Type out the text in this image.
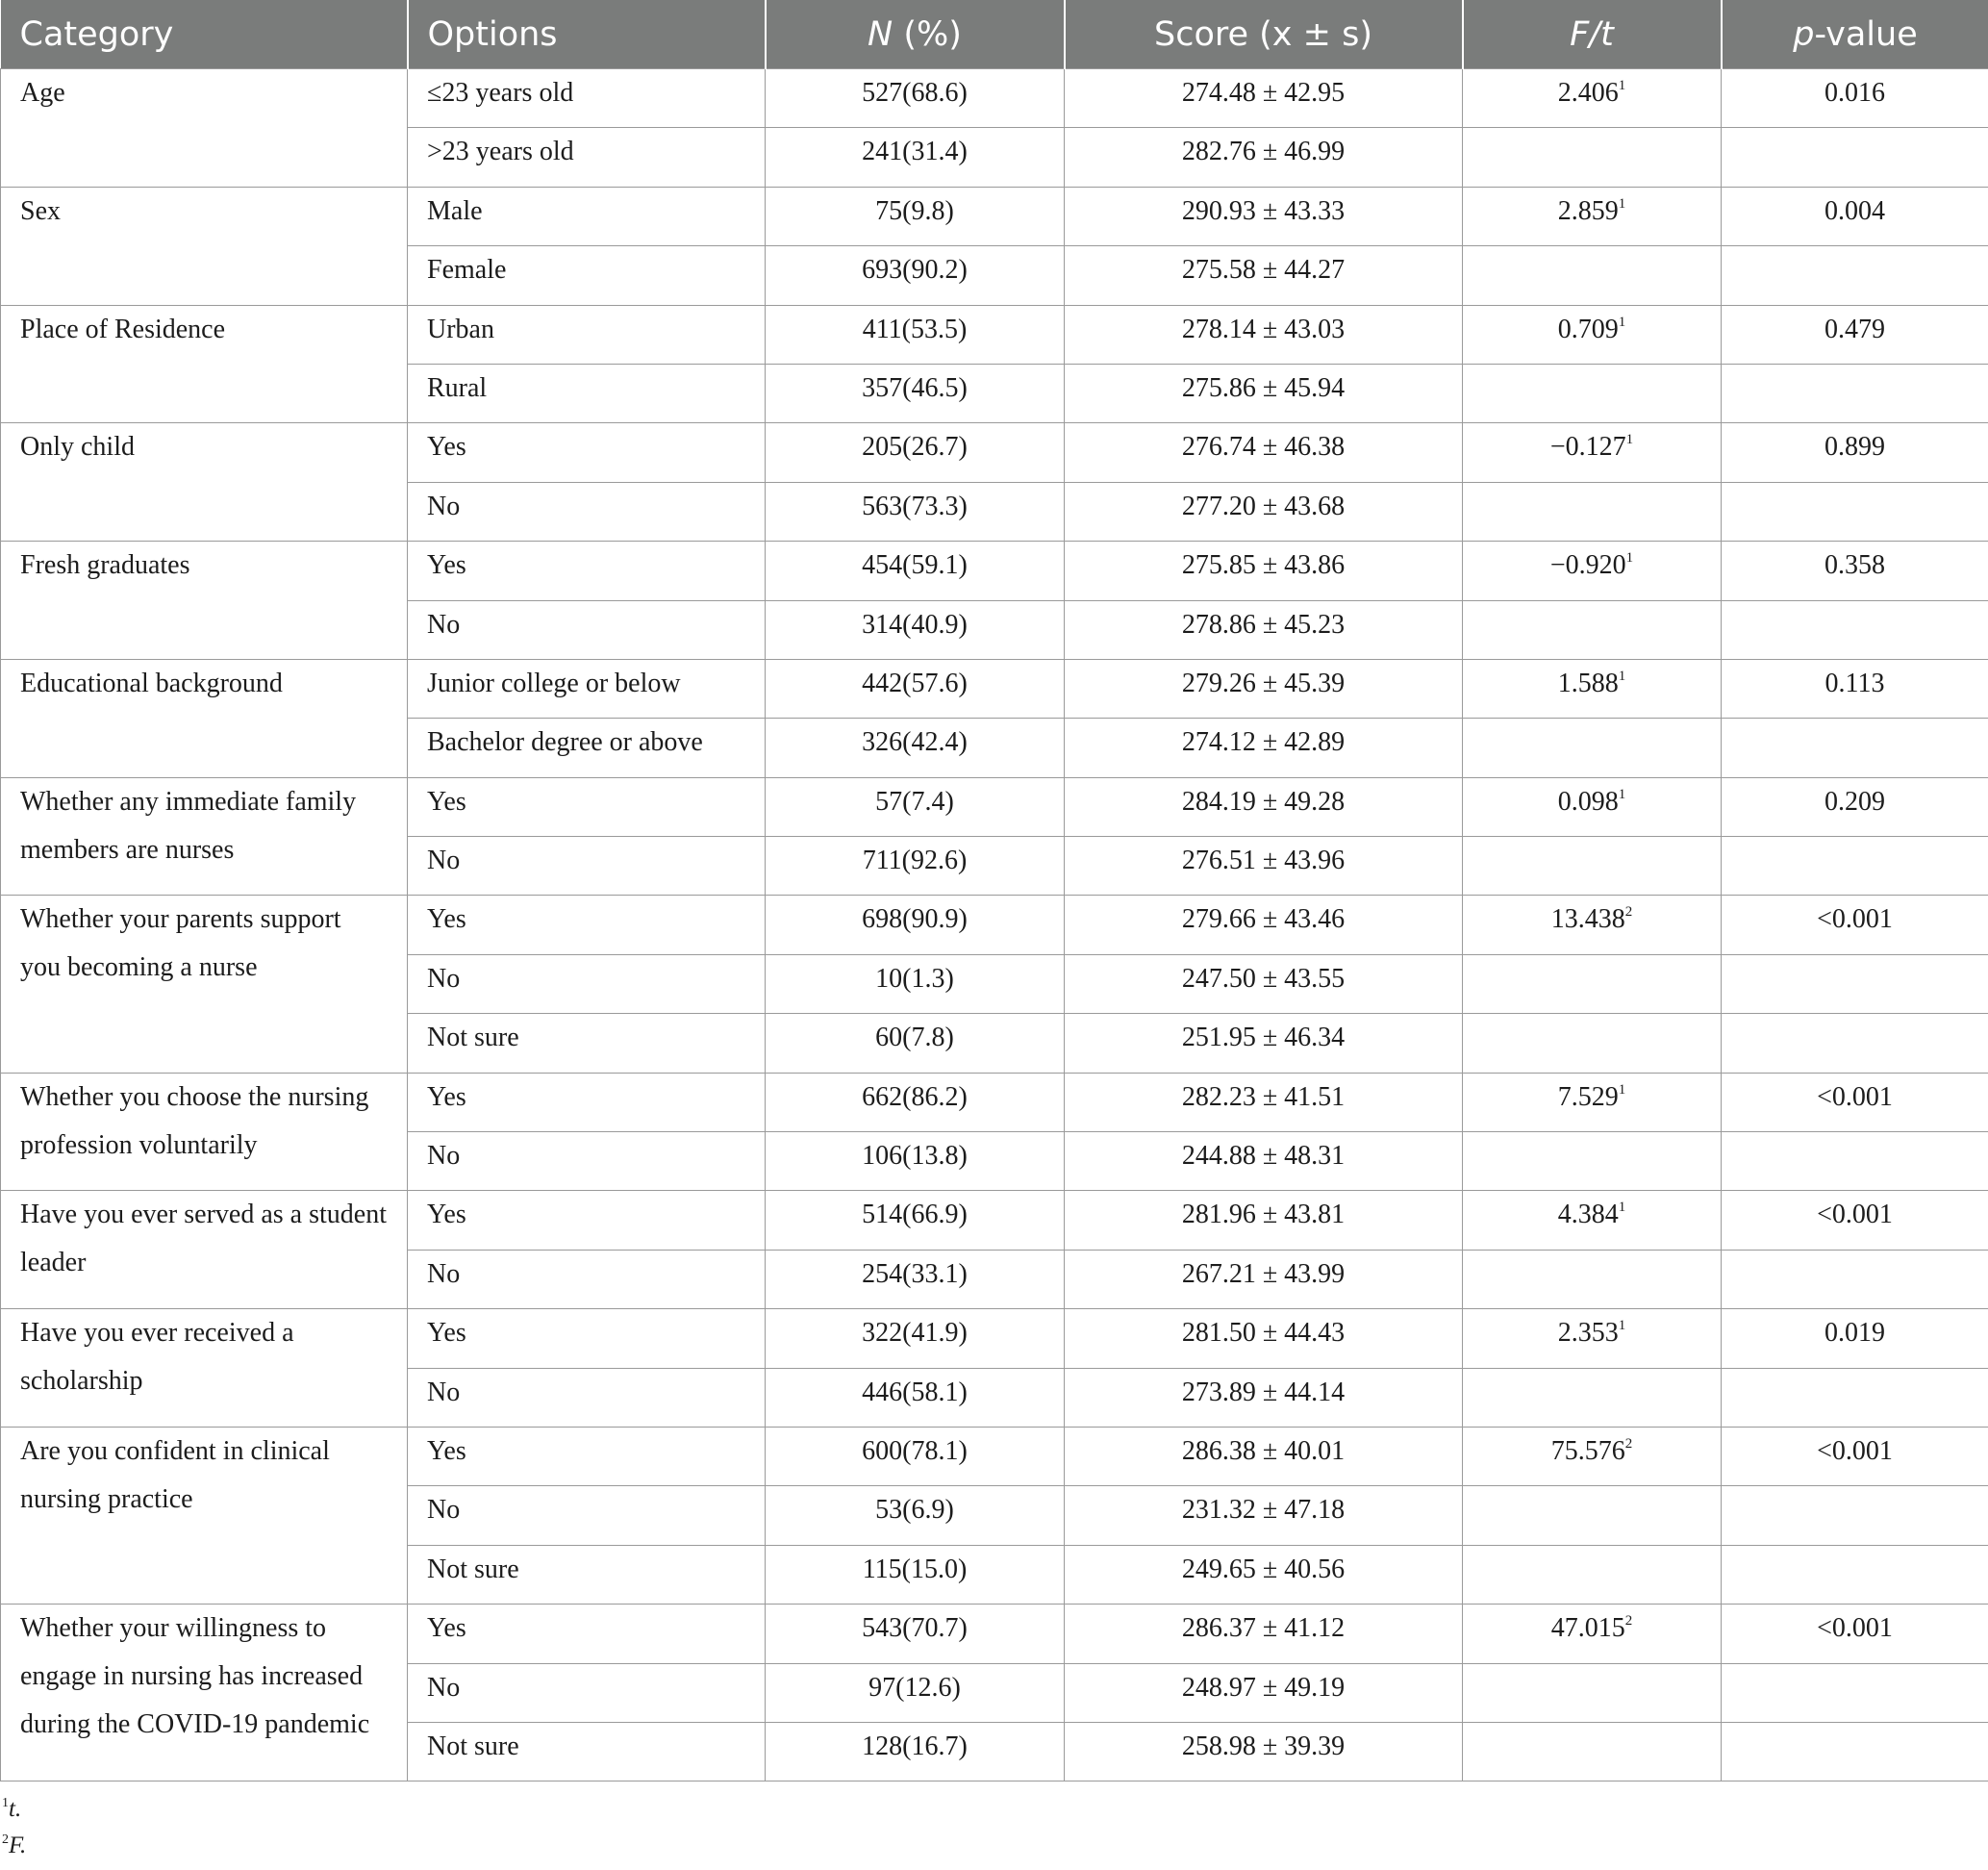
Category	Options	N (%)	Score (x ± s)	F/t	p-value
Age	≤23 years old	527(68.6)	274.48 ± 42.95	2.406$^1$	0.016
	>23 years old	241(31.4)	282.76 ± 46.99		
Sex	Male	75(9.8)	290.93 ± 43.33	2.859$^1$	0.004
	Female	693(90.2)	275.58 ± 44.27		
Place of Residence	Urban	411(53.5)	278.14 ± 43.03	0.709$^1$	0.479
	Rural	357(46.5)	275.86 ± 45.94		
Only child	Yes	205(26.7)	276.74 ± 46.38	$-0.127^1$	0.899
	No	563(73.3)	277.20 ± 43.68		
Fresh graduates	Yes	454(59.1)	275.85 ± 43.86	$-0.920^1$	0.358
	No	314(40.9)	278.86 ± 45.23		
Educational background	Junior college or below	442(57.6)	279.26 ± 45.39	1.588$^1$	0.113
	Bachelor degree or above	326(42.4)	274.12 ± 42.89		
Whether any immediate family members are nurses	Yes	57(7.4)	284.19 ± 49.28	0.098$^1$	0.209
	No	711(92.6)	276.51 ± 43.96		
Whether your parents support you becoming a nurse	Yes	698(90.9)	279.66 ± 43.46	$13.438^2$	<0.001
	No	10(1.3)	247.50 ± 43.55		
	Not sure	60(7.8)	251.95 ± 46.34		
Whether you choose the nursing profession voluntarily	Yes	662(86.2)	282.23 ± 41.51	$7.529^1$	<0.001
	No	106(13.8)	244.88 ± 48.31		
Have you ever served as a student leader	Yes	514(66.9)	281.96 ± 43.81	$4.384^1$	<0.001
	No	254(33.1)	267.21 ± 43.99		
Have you ever received a scholarship	Yes	322(41.9)	281.50 ± 44.43	2.353$^1$	0.019
	No	446(58.1)	273.89 ± 44.14		
Are you confident in clinical nursing practice	Yes	600(78.1)	286.38 ± 40.01	$75.576^2$	<0.001
	No	53(6.9)	231.32 ± 47.18		
	Not sure	115(15.0)	249.65 ± 40.56		
Whether your willingness to engage in nursing has increased during the COVID-19 pandemic	Yes	543(70.7)	286.37 ± 41.12	$47.015^2$	<0.001
	No	97(12.6)	248.97 ± 49.19		
	Not sure	128(16.7)	258.98 ± 39.39		
$^1$t.
$^2$F.
